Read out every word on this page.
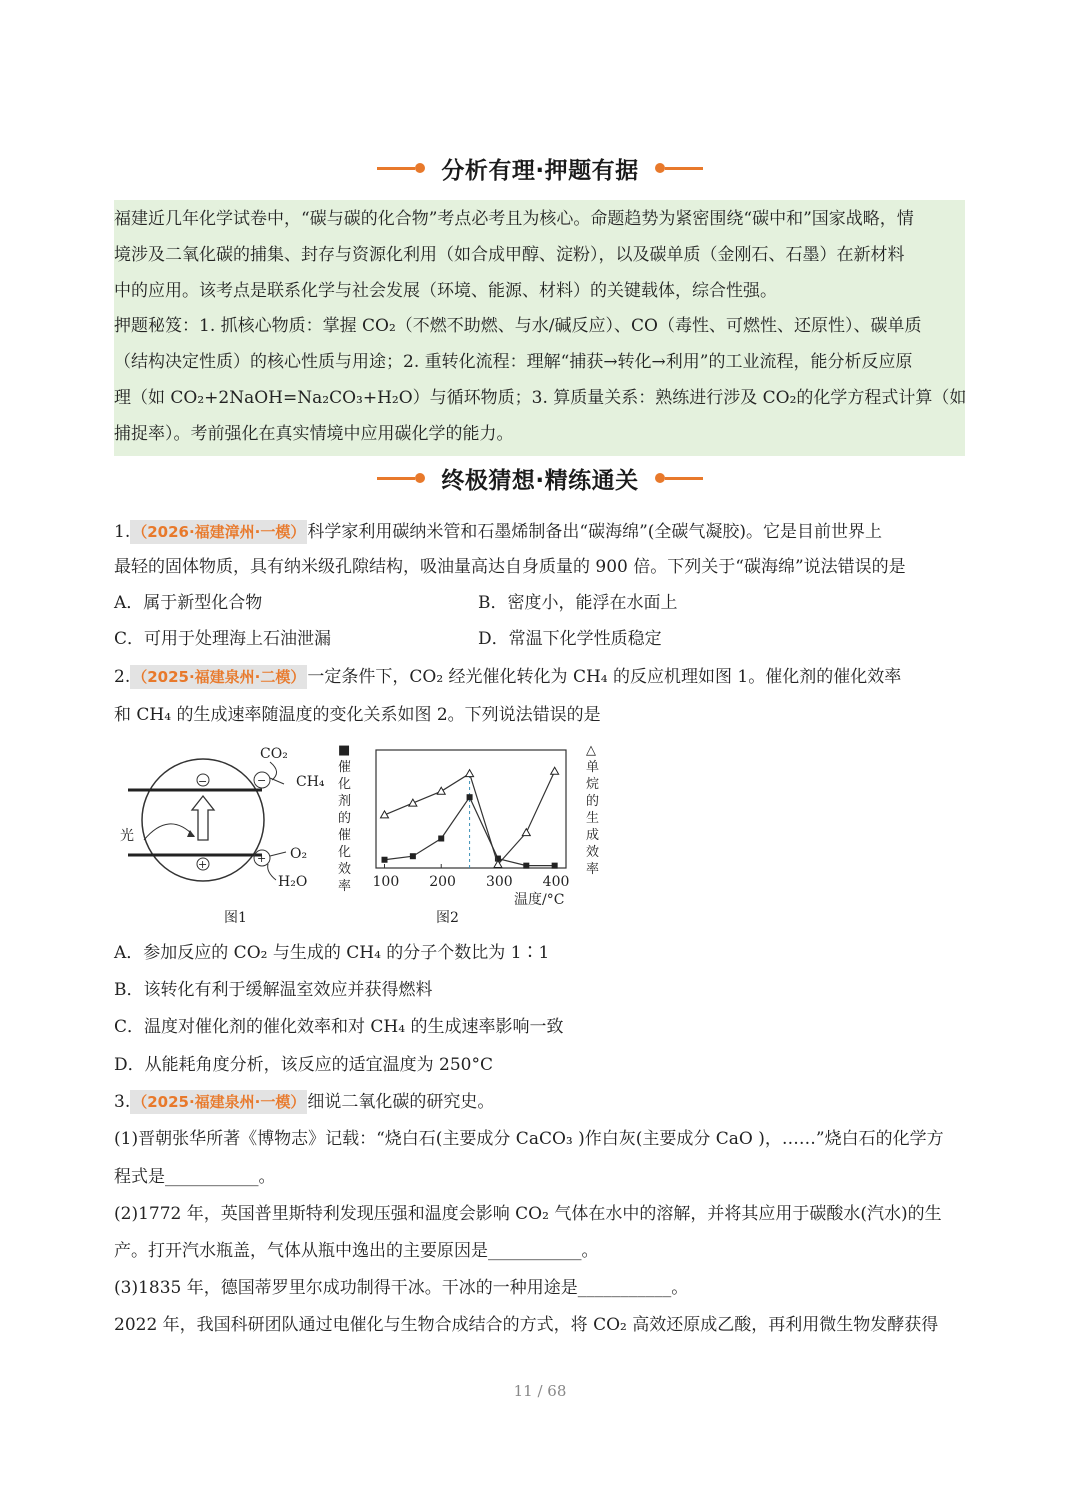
分析有理·押题有据
福建近几年化学试卷中，“碳与碳的化合物”考点必考且为核心。命题趋势为紧密围绕“碳中和”国家战略，情
境涉及二氧化碳的捕集、封存与资源化利用（如合成甲醇、淀粉），以及碳单质（金刚石、石墨）在新材料
中的应用。该考点是联系化学与社会发展（环境、能源、材料）的关键载体，综合性强。
押题秘笈：1. 抓核心物质：掌握 CO₂（不燃不助燃、与水/碱反应）、CO（毒性、可燃性、还原性）、碳单质
（结构决定性质）的核心性质与用途；2. 重转化流程：理解“捕获→转化→利用”的工业流程，能分析反应原
理（如 CO₂+2NaOH=Na₂CO₃+H₂O）与循环物质；3. 算质量关系：熟练进行涉及 CO₂的化学方程式计算（如
捕捉率）。考前强化在真实情境中应用碳化学的能力。
终极猜想·精练通关
1. （2026·福建漳州·一模） 科学家利用碳纳米管和石墨烯制备出“碳海绵”(全碳气凝胶)。它是目前世界上
最轻的固体物质，具有纳米级孔隙结构，吸油量高达自身质量的 900 倍。下列关于“碳海绵”说法错误的是
A．属于新型化合物	B．密度小，能浮在水面上
C．可用于处理海上石油泄漏	D．常温下化学性质稳定
2. （2025·福建泉州·二模） 一定条件下，CO₂ 经光催化转化为 CH₄ 的反应机理如图 1。催化剂的催化效率
和 CH₄ 的生成速率随温度的变化关系如图 2。下列说法错误的是
−
+
−
+
光
CO₂
CH₄
O₂
H₂O
图1
■催化剂的催化效率
△单烷的生成效率
100 200 300 400
温度/°C
图2
A．参加反应的 CO₂ 与生成的 CH₄ 的分子个数比为 1∶1
B．该转化有利于缓解温室效应并获得燃料
C．温度对催化剂的催化效率和对 CH₄ 的生成速率影响一致
D．从能耗角度分析，该反应的适宜温度为 250°C
3. （2025·福建泉州·一模） 细说二氧化碳的研究史。
(1)晋朝张华所著《博物志》记载：“烧白石(主要成分 CaCO₃ )作白灰(主要成分 CaO )，……”烧白石的化学方
程式是___________。
(2)1772 年，英国普里斯特利发现压强和温度会影响 CO₂ 气体在水中的溶解，并将其应用于碳酸水(汽水)的生
产。打开汽水瓶盖，气体从瓶中逸出的主要原因是___________。
(3)1835 年，德国蒂罗里尔成功制得干冰。干冰的一种用途是___________。
2022 年，我国科研团队通过电催化与生物合成结合的方式，将 CO₂ 高效还原成乙酸，再利用微生物发酵获得
11 / 68
